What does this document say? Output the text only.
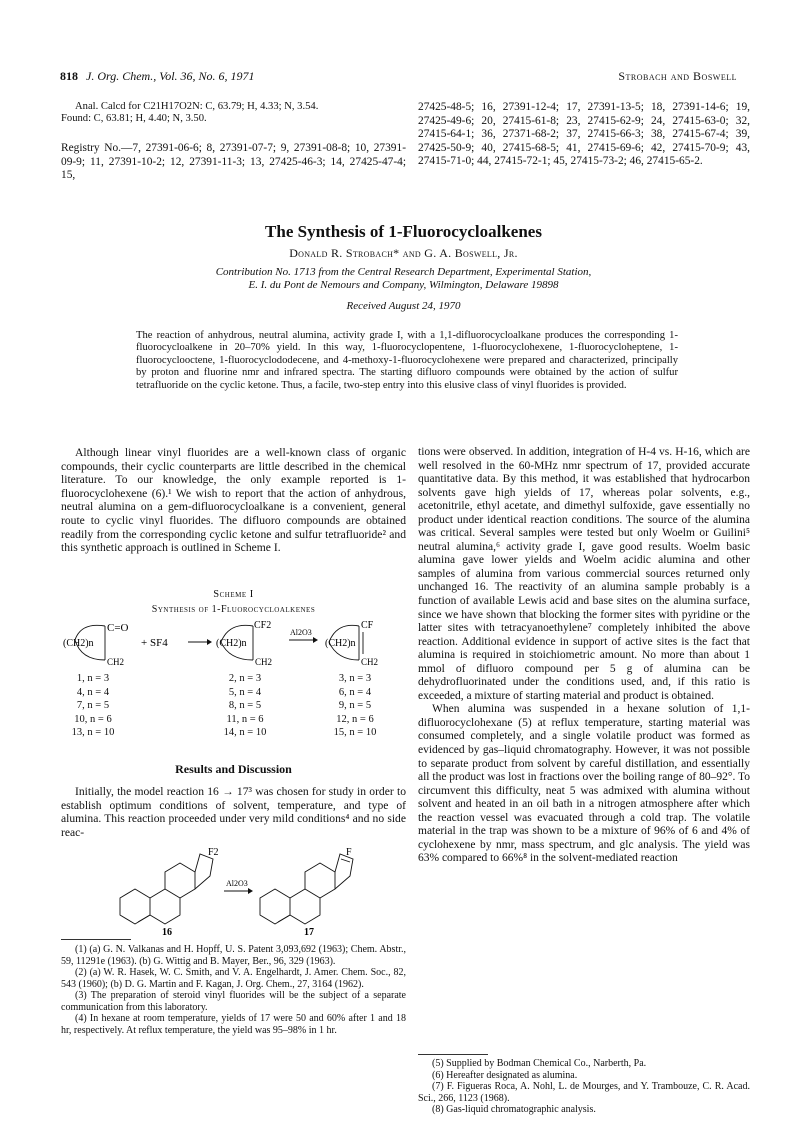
818 J. Org. Chem., Vol. 36, No. 6, 1971	Strobach and Boswell

Anal. Calcd for C21H17O2N: C, 63.79; H, 4.33; N, 3.54.

Found: C, 63.81; H, 4.40; N, 3.50.

Registry No.—7, 27391-06-6; 8, 27391-07-7; 9, 27391-08-8; 10, 27391-09-9; 11, 27391-10-2; 12, 27391-11-3; 13, 27425-46-3; 14, 27425-47-4; 15,
27425-48-5; 16, 27391-12-4; 17, 27391-13-5; 18, 27391-14-6; 19, 27425-49-6; 20, 27415-61-8; 23, 27415-62-9; 24, 27415-63-0; 32, 27415-64-1; 36, 27371-68-2; 37, 27415-66-3; 38, 27415-67-4; 39, 27425-50-9; 40, 27415-68-5; 41, 27415-69-6; 42, 27415-70-9; 43, 27415-71-0; 44, 27415-72-1; 45, 27415-73-2; 46, 27415-65-2.
The Synthesis of 1-Fluorocycloalkenes
Donald R. Strobach* and G. A. Boswell, Jr.
Contribution No. 1713 from the Central Research Department, Experimental Station,
E. I. du Pont de Nemours and Company, Wilmington, Delaware 19898
Received August 24, 1970
The reaction of anhydrous, neutral alumina, activity grade I, with a 1,1-difluorocycloalkane produces the corresponding 1-fluorocycloalkene in 20–70% yield. In this way, 1-fluorocyclopentene, 1-fluorocyclohexene, 1-fluorocycloheptene, 1-fluorocyclooctene, 1-fluorocyclododecene, and 4-methoxy-1-fluorocyclohexene were prepared and characterized, principally by proton and fluorine nmr and infrared spectra. The starting difluoro compounds were obtained by the action of sulfur tetrafluoride on the cyclic ketone. Thus, a facile, two-step entry into this elusive class of vinyl fluorides is provided.

Although linear vinyl fluorides are a well-known class of organic compounds, their cyclic counterparts are little described in the chemical literature. To our knowledge, the only example reported is 1-fluorocyclohexene (6).¹ We wish to report that the action of anhydrous, neutral alumina on a gem-difluorocycloalkane is a convenient, general route to cyclic vinyl fluorides. The difluoro compounds are obtained readily from the corresponding cyclic ketone and sulfur tetrafluoride² and this synthetic approach is outlined in Scheme I.

Scheme I
Synthesis of 1-Fluorocycloalkenes
C=O
(CH2)n
CH2
+ SF4
CF2
(CH2)n
CH2
Al2O3
CF
(CH2)n
CH2
1, n = 3
4, n = 4
7, n = 5
10, n = 6
13, n = 10
2, n = 3
5, n = 4
8, n = 5
11, n = 6
14, n = 10
3, n = 3
6, n = 4
9, n = 5
12, n = 6
15, n = 10
Results and Discussion

Initially, the model reaction 16 → 17³ was chosen for study in order to establish optimum conditions of solvent, temperature, and type of alumina. This reaction proceeded under very mild conditions⁴ and no side reac-

F2
16
Al2O3
F
17

(1) (a) G. N. Valkanas and H. Hopff, U. S. Patent 3,093,692 (1963); Chem. Abstr., 59, 11291e (1963). (b) G. Wittig and B. Mayer, Ber., 96, 329 (1963).

(2) (a) W. R. Hasek, W. C. Smith, and V. A. Engelhardt, J. Amer. Chem. Soc., 82, 543 (1960); (b) D. G. Martin and F. Kagan, J. Org. Chem., 27, 3164 (1962).

(3) The preparation of steroid vinyl fluorides will be the subject of a separate communication from this laboratory.

(4) In hexane at room temperature, yields of 17 were 50 and 60% after 1 and 18 hr, respectively. At reflux temperature, the yield was 95–98% in 1 hr.

tions were observed. In addition, integration of H-4 vs. H-16, which are well resolved in the 60-MHz nmr spectrum of 17, provided accurate quantitative data. By this method, it was established that hydrocarbon solvents gave high yields of 17, whereas polar solvents, e.g., acetonitrile, ethyl acetate, and dimethyl sulfoxide, gave essentially no product under identical reaction conditions. The source of the alumina was critical. Several samples were tested but only Woelm or Guilini⁵ neutral alumina,⁶ activity grade I, gave good results. Woelm basic alumina gave lower yields and Woelm acidic alumina and other samples of alumina from various commercial sources returned only unchanged 16. The reactivity of an alumina sample probably is a function of available Lewis acid and base sites on the alumina surface, since we have shown that blocking the former sites with pyridine or the latter sites with tetracyanoethylene⁷ completely inhibited the above reaction. Additional evidence in support of active sites is the fact that alumina is required in stoichiometric amount. No more than about 1 mmol of difluoro compound per 5 g of alumina can be dehydrofluorinated under the conditions used, and, if this ratio is exceeded, a mixture of starting material and product is obtained.

When alumina was suspended in a hexane solution of 1,1-difluorocyclohexane (5) at reflux temperature, starting material was consumed completely, and a single volatile product was formed as evidenced by gas–liquid chromatography. However, it was not possible to separate product from solvent by careful distillation, and essentially all the product was lost in fractions over the boiling range of 80–92°. To circumvent this difficulty, neat 5 was admixed with alumina without solvent and heated in an oil bath in a nitrogen atmosphere after which the reaction vessel was evacuated through a cold trap. The volatile material in the trap was shown to be a mixture of 96% of 6 and 4% of cyclohexene by nmr, mass spectrum, and glc analysis. The yield was 63% compared to 66%⁸ in the solvent-mediated reaction

(5) Supplied by Bodman Chemical Co., Narberth, Pa.

(6) Hereafter designated as alumina.

(7) F. Figueras Roca, A. Nohl, L. de Mourges, and Y. Trambouze, C. R. Acad. Sci., 266, 1123 (1968).

(8) Gas-liquid chromatographic analysis.
